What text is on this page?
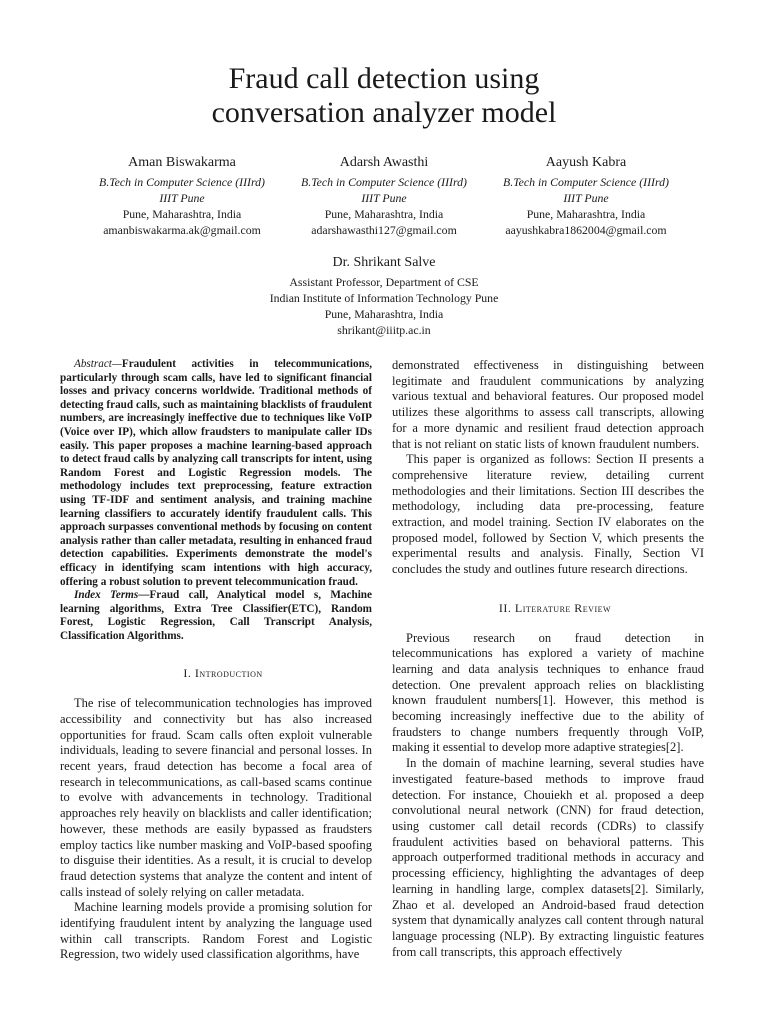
Fraud call detection using
conversation analyzer model
Aman Biswakarma
B.Tech in Computer Science (IIIrd)
IIIT Pune
Pune, Maharashtra, India
amanbiswakarma.ak@gmail.com
Adarsh Awasthi
B.Tech in Computer Science (IIIrd)
IIIT Pune
Pune, Maharashtra, India
adarshawasthi127@gmail.com
Aayush Kabra
B.Tech in Computer Science (IIIrd)
IIIT Pune
Pune, Maharashtra, India
aayushkabra1862004@gmail.com
Dr. Shrikant Salve
Assistant Professor, Department of CSE
Indian Institute of Information Technology Pune
Pune, Maharashtra, India
shrikant@iiitp.ac.in

Abstract—Fraudulent activities in telecommunications, particularly through scam calls, have led to significant financial losses and privacy concerns worldwide. Traditional methods of detecting fraud calls, such as maintaining blacklists of fraudulent numbers, are increasingly ineffective due to techniques like VoIP (Voice over IP), which allow fraudsters to manipulate caller IDs easily. This paper proposes a machine learning-based approach to detect fraud calls by analyzing call transcripts for intent, using Random Forest and Logistic Regression models. The methodology includes text preprocessing, feature extraction using TF-IDF and sentiment analysis, and training machine learning classifiers to accurately identify fraudulent calls. This approach surpasses conventional methods by focusing on content analysis rather than caller metadata, resulting in enhanced fraud detection capabilities. Experiments demonstrate the model's efficacy in identifying scam intentions with high accuracy, offering a robust solution to prevent telecommunication fraud.

Index Terms—Fraud call, Analytical model s, Machine learning algorithms, Extra Tree Classifier(ETC), Random Forest, Logistic Regression, Call Transcript Analysis, Classification Algorithms.

I. Introduction

The rise of telecommunication technologies has improved accessibility and connectivity but has also increased opportunities for fraud. Scam calls often exploit vulnerable individuals, leading to severe financial and personal losses. In recent years, fraud detection has become a focal area of research in telecommunications, as call-based scams continue to evolve with advancements in technology. Traditional approaches rely heavily on blacklists and caller identification; however, these methods are easily bypassed as fraudsters employ tactics like number masking and VoIP-based spoofing to disguise their identities. As a result, it is crucial to develop fraud detection systems that analyze the content and intent of calls instead of solely relying on caller metadata.

Machine learning models provide a promising solution for identifying fraudulent intent by analyzing the language used within call transcripts. Random Forest and Logistic Regression, two widely used classification algorithms, have

demonstrated effectiveness in distinguishing between legitimate and fraudulent communications by analyzing various textual and behavioral features. Our proposed model utilizes these algorithms to assess call transcripts, allowing for a more dynamic and resilient fraud detection approach that is not reliant on static lists of known fraudulent numbers.

This paper is organized as follows: Section II presents a comprehensive literature review, detailing current methodologies and their limitations. Section III describes the methodology, including data pre-processing, feature extraction, and model training. Section IV elaborates on the proposed model, followed by Section V, which presents the experimental results and analysis. Finally, Section VI concludes the study and outlines future research directions.

II. Literature Review

Previous research on fraud detection in telecommunications has explored a variety of machine learning and data analysis techniques to enhance fraud detection. One prevalent approach relies on blacklisting known fraudulent numbers[1]. However, this method is becoming increasingly ineffective due to the ability of fraudsters to change numbers frequently through VoIP, making it essential to develop more adaptive strategies[2].

In the domain of machine learning, several studies have investigated feature-based methods to improve fraud detection. For instance, Chouiekh et al. proposed a deep convolutional neural network (CNN) for fraud detection, using customer call detail records (CDRs) to classify fraudulent activities based on behavioral patterns. This approach outperformed traditional methods in accuracy and processing efficiency, highlighting the advantages of deep learning in handling large, complex datasets[2]. Similarly, Zhao et al. developed an Android-based fraud detection system that dynamically analyzes call content through natural language processing (NLP). By extracting linguistic features from call transcripts, this approach effectively
